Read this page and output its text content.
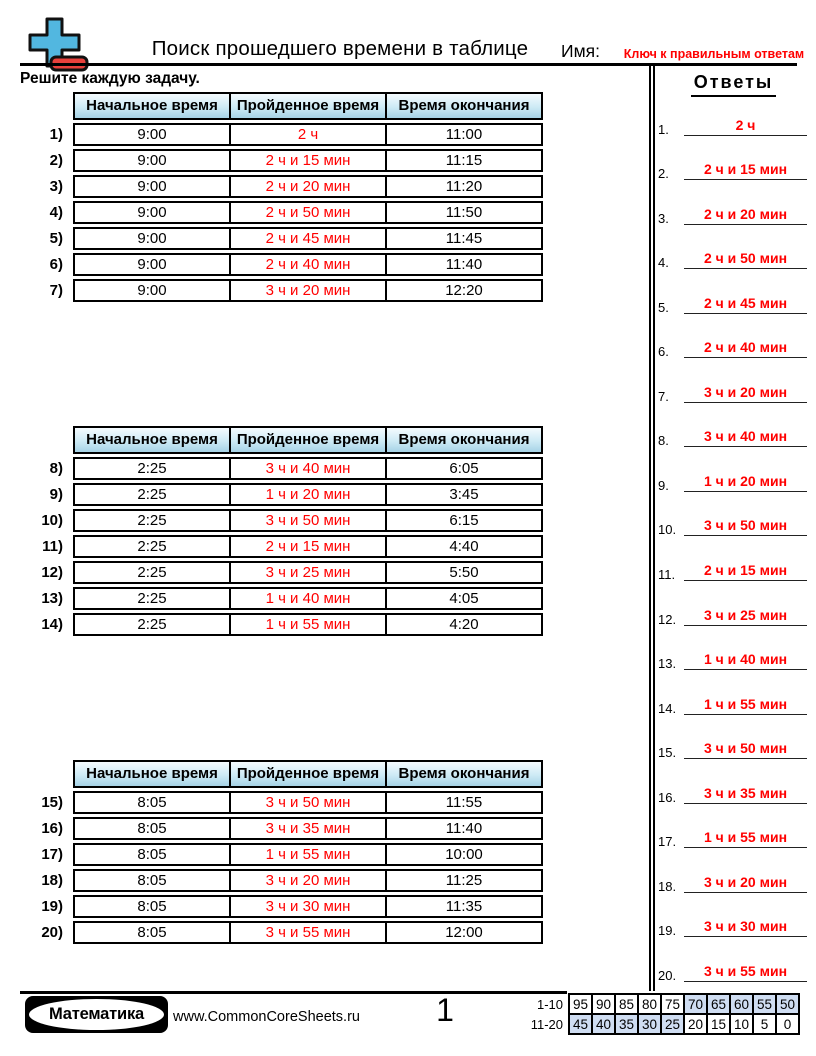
Поиск прошедшего времени в таблице	Имя:	Ключ к правильным ответам
Решите каждую задачу.
	Начальное время	Пройденное время	Время окончания
1)	9:00	2 ч	11:00
2)	9:00	2 ч и 15 мин	11:15
3)	9:00	2 ч и 20 мин	11:20
4)	9:00	2 ч и 50 мин	11:50
5)	9:00	2 ч и 45 мин	11:45
6)	9:00	2 ч и 40 мин	11:40
7)	9:00	3 ч и 20 мин	12:20
	Начальное время	Пройденное время	Время окончания
8)	2:25	3 ч и 40 мин	6:05
9)	2:25	1 ч и 20 мин	3:45
10)	2:25	3 ч и 50 мин	6:15
11)	2:25	2 ч и 15 мин	4:40
12)	2:25	3 ч и 25 мин	5:50
13)	2:25	1 ч и 40 мин	4:05
14)	2:25	1 ч и 55 мин	4:20
	Начальное время	Пройденное время	Время окончания
15)	8:05	3 ч и 50 мин	11:55
16)	8:05	3 ч и 35 мин	11:40
17)	8:05	1 ч и 55 мин	10:00
18)	8:05	3 ч и 20 мин	11:25
19)	8:05	3 ч и 30 мин	11:35
20)	8:05	3 ч и 55 мин	12:00
Ответы
1.	2 ч
2.	2 ч и 15 мин
3.	2 ч и 20 мин
4.	2 ч и 50 мин
5.	2 ч и 45 мин
6.	2 ч и 40 мин
7.	3 ч и 20 мин
8.	3 ч и 40 мин
9.	1 ч и 20 мин
10.	3 ч и 50 мин
11.	2 ч и 15 мин
12.	3 ч и 25 мин
13.	1 ч и 40 мин
14.	1 ч и 55 мин
15.	3 ч и 50 мин
16.	3 ч и 35 мин
17.	1 ч и 55 мин
18.	3 ч и 20 мин
19.	3 ч и 30 мин
20.	3 ч и 55 мин
Математика www.CommonCoreSheets.ru	1	1-10	95	90	85	80	75	70	65	60	55	50
11-20	45	40	35	30	25	20	15	10	5	0
